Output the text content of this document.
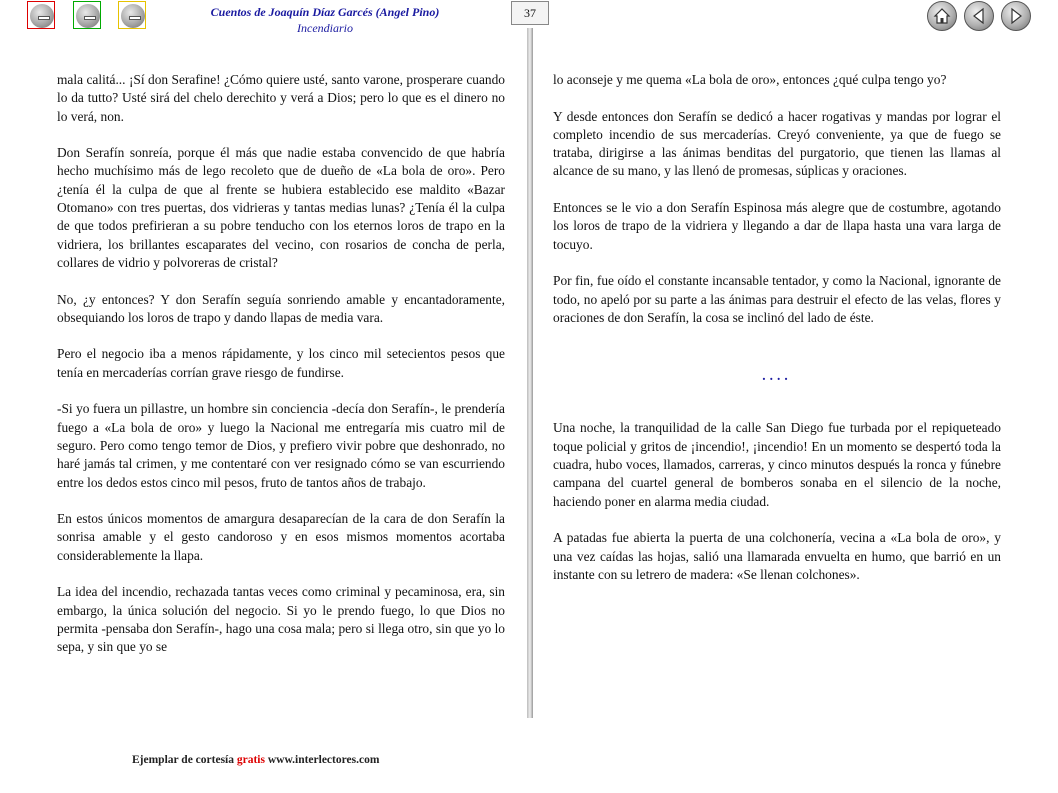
Cuentos de Joaquín Díaz Garcés (Angel Pino)
Incendiario
37

mala calitá... ¡Sí don Serafine! ¿Cómo quiere usté, santo varone, prosperare cuando lo da tutto? Usté sirá del chelo derechito y verá a Dios; pero lo que es el dinero no lo verá, non.

Don Serafín sonreía, porque él más que nadie estaba convencido de que habría hecho muchísimo más de lego recoleto que de dueño de «La bola de oro». Pero ¿tenía él la culpa de que al frente se hubiera establecido ese maldito «Bazar Otomano» con tres puertas, dos vidrieras y tantas medias lunas? ¿Tenía él la culpa de que todos prefirieran a su pobre tenducho con los eternos loros de trapo en la vidriera, los brillantes escaparates del vecino, con rosarios de concha de perla, collares de vidrio y polvoreras de cristal?

No, ¿y entonces? Y don Serafín seguía sonriendo amable y encantadoramente, obsequiando los loros de trapo y dando llapas de media vara.

Pero el negocio iba a menos rápidamente, y los cinco mil setecientos pesos que tenía en mercaderías corrían grave riesgo de fundirse.

-Si yo fuera un pillastre, un hombre sin conciencia -decía don Serafín-, le prendería fuego a «La bola de oro» y luego la Nacional me entregaría mis cuatro mil de seguro. Pero como tengo temor de Dios, y prefiero vivir pobre que deshonrado, no haré jamás tal crimen, y me contentaré con ver resignado cómo se van escurriendo entre los dedos estos cinco mil pesos, fruto de tantos años de trabajo.

En estos únicos momentos de amargura desaparecían de la cara de don Serafín la sonrisa amable y el gesto candoroso y en esos mismos momentos acortaba considerablemente la llapa.

La idea del incendio, rechazada tantas veces como criminal y pecaminosa, era, sin embargo, la única solución del negocio. Si yo le prendo fuego, lo que Dios no permita -pensaba don Serafín-, hago una cosa mala; pero si llega otro, sin que yo lo sepa, y sin que yo se

lo aconseje y me quema «La bola de oro», entonces ¿qué culpa tengo yo?

Y desde entonces don Serafín se dedicó a hacer rogativas y mandas por lograr el completo incendio de sus mercaderías. Creyó conveniente, ya que de fuego se trataba, dirigirse a las ánimas benditas del purgatorio, que tienen las llamas al alcance de su mano, y las llenó de promesas, súplicas y oraciones.

Entonces se le vio a don Serafín Espinosa más alegre que de costumbre, agotando los loros de trapo de la vidriera y llegando a dar de llapa hasta una vara larga de tocuyo.

Por fin, fue oído el constante incansable tentador, y como la Nacional, ignorante de todo, no apeló por su parte a las ánimas para destruir el efecto de las velas, flores y oraciones de don Serafín, la cosa se inclinó del lado de éste.

....

Una noche, la tranquilidad de la calle San Diego fue turbada por el repiqueteado toque policial y gritos de ¡incendio!, ¡incendio! En un momento se despertó toda la cuadra, hubo voces, llamados, carreras, y cinco minutos después la ronca y fúnebre campana del cuartel general de bomberos sonaba en el silencio de la noche, haciendo poner en alarma media ciudad.

A patadas fue abierta la puerta de una colchonería, vecina a «La bola de oro», y una vez caídas las hojas, salió una llamarada envuelta en humo, que barrió en un instante con su letrero de madera: «Se llenan colchones».

Ejemplar de cortesía gratis www.interlectores.com
